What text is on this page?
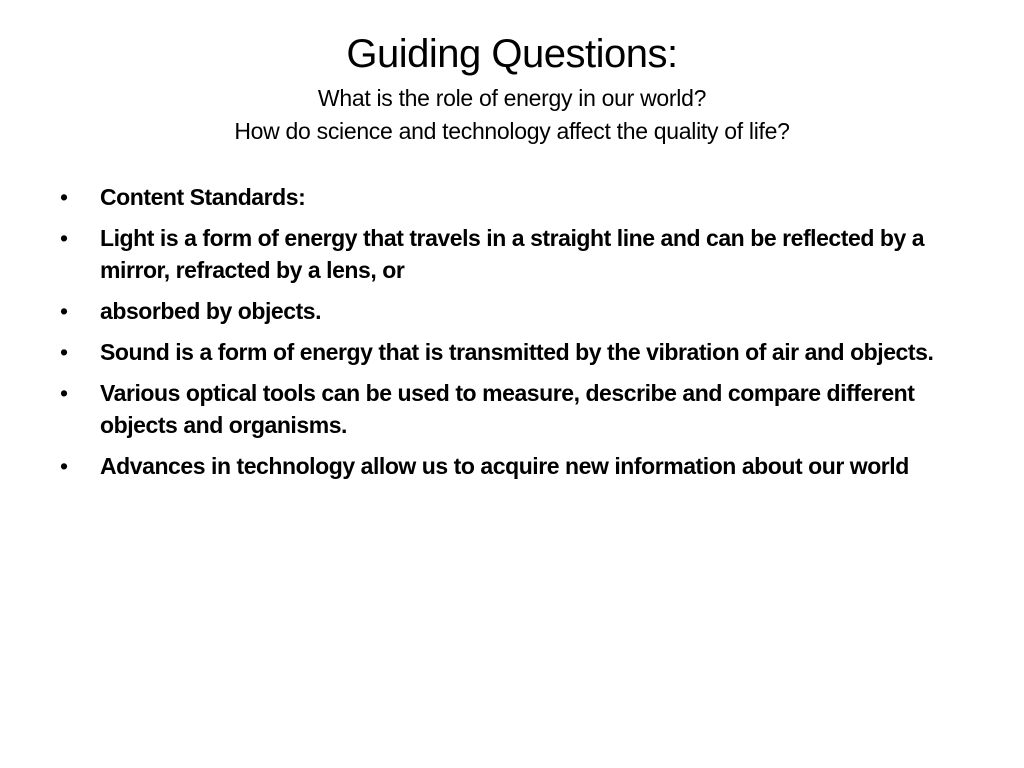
Guiding Questions:

What is the role of energy in our world?

How do science and technology affect the quality of life?

• Content Standards:
• Light is a form of energy that travels in a straight line and can be reflected by a mirror, refracted by a lens, or
• absorbed by objects.
• Sound is a form of energy that is transmitted by the vibration of air and objects.
• Various optical tools can be used to measure, describe and compare different objects and organisms.
• Advances in technology allow us to acquire new information about our world
